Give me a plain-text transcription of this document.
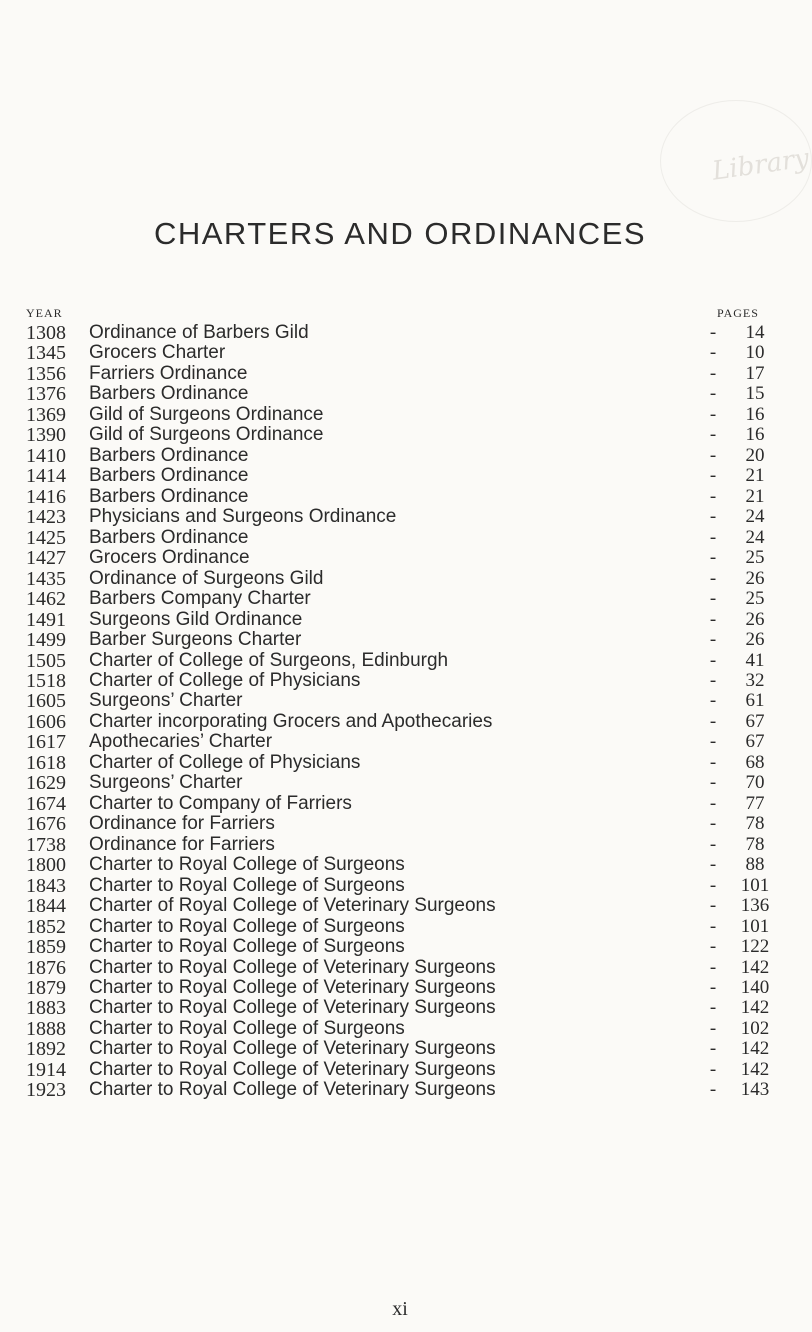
Library
CHARTERS AND ORDINANCES
YEAR	PAGES
1308	Ordinance of Barbers Gild	-	14
1345	Grocers Charter	-	10
1356	Farriers Ordinance	-	17
1376	Barbers Ordinance	-	15
1369	Gild of Surgeons Ordinance	-	16
1390	Gild of Surgeons Ordinance	-	16
1410	Barbers Ordinance	-	20
1414	Barbers Ordinance	-	21
1416	Barbers Ordinance	-	21
1423	Physicians and Surgeons Ordinance	-	24
1425	Barbers Ordinance	-	24
1427	Grocers Ordinance	-	25
1435	Ordinance of Surgeons Gild	-	26
1462	Barbers Company Charter	-	25
1491	Surgeons Gild Ordinance	-	26
1499	Barber Surgeons Charter	-	26
1505	Charter of College of Surgeons, Edinburgh	-	41
1518	Charter of College of Physicians	-	32
1605	Surgeons’ Charter	-	61
1606	Charter incorporating Grocers and Apothecaries	-	67
1617	Apothecaries’ Charter	-	67
1618	Charter of College of Physicians	-	68
1629	Surgeons’ Charter	-	70
1674	Charter to Company of Farriers	-	77
1676	Ordinance for Farriers	-	78
1738	Ordinance for Farriers	-	78
1800	Charter to Royal College of Surgeons	-	88
1843	Charter to Royal College of Surgeons	-	101
1844	Charter of Royal College of Veterinary Surgeons	-	136
1852	Charter to Royal College of Surgeons	-	101
1859	Charter to Royal College of Surgeons	-	122
1876	Charter to Royal College of Veterinary Surgeons	-	142
1879	Charter to Royal College of Veterinary Surgeons	-	140
1883	Charter to Royal College of Veterinary Surgeons	-	142
1888	Charter to Royal College of Surgeons	-	102
1892	Charter to Royal College of Veterinary Surgeons	-	142
1914	Charter to Royal College of Veterinary Surgeons	-	142
1923	Charter to Royal College of Veterinary Surgeons	-	143
xi
